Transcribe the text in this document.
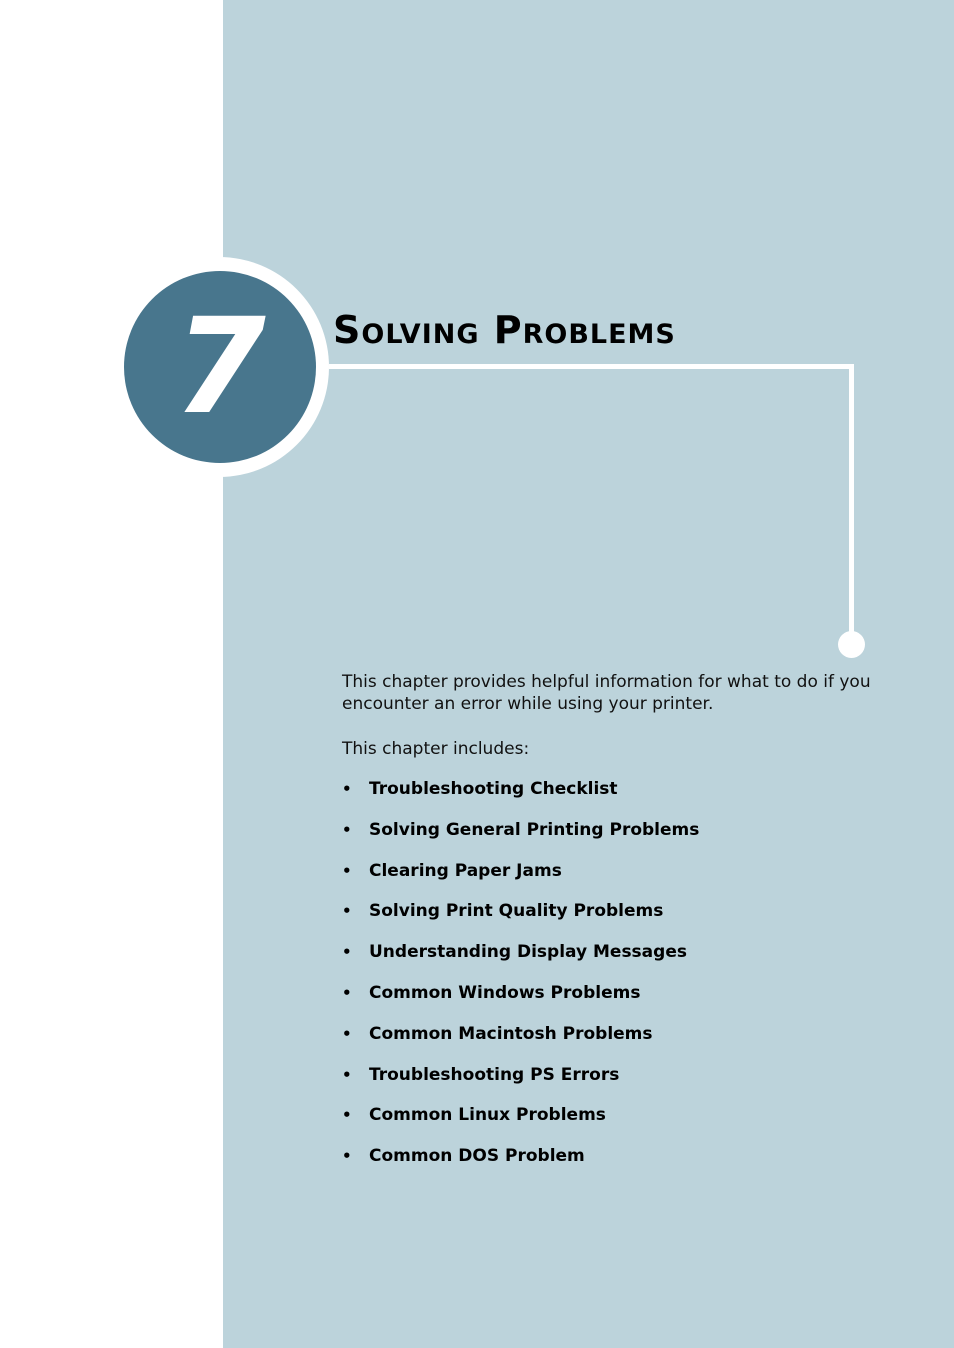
7	Solving Problems

This chapter provides helpful information for what to do if you encounter an error while using your printer.

This chapter includes:

• Troubleshooting Checklist
• Solving General Printing Problems
• Clearing Paper Jams
• Solving Print Quality Problems
• Understanding Display Messages
• Common Windows Problems
• Common Macintosh Problems
• Troubleshooting PS Errors
• Common Linux Problems
• Common DOS Problem
